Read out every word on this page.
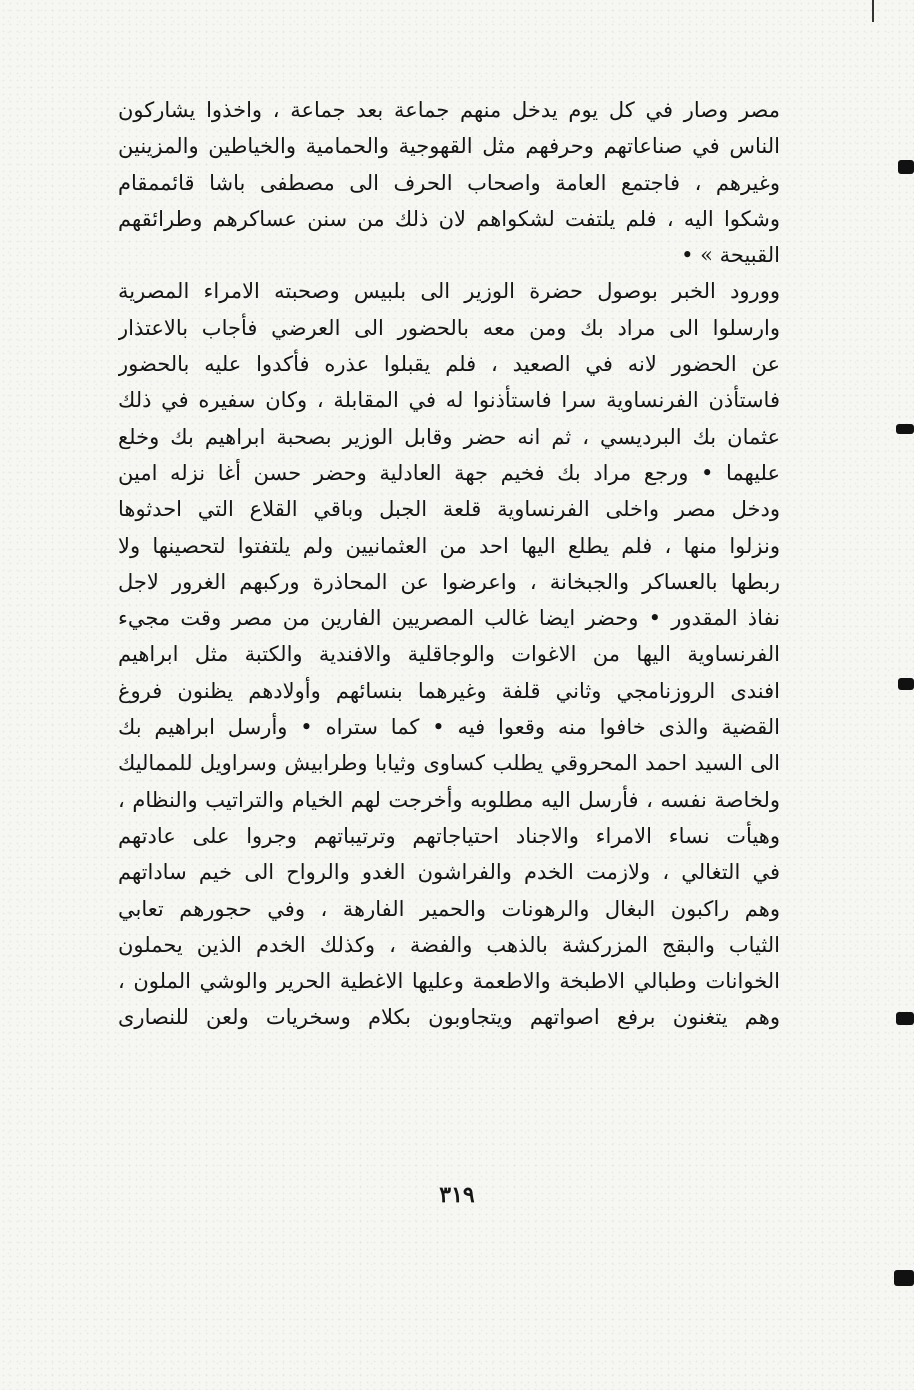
مصر وصار في كل يوم يدخل منهم جماعة بعد جماعة ، واخذوا يشاركون
الناس في صناعاتهم وحرفهم مثل القهوجية والحمامية والخياطين والمزينين
وغيرهم ، فاجتمع العامة واصحاب الحرف الى مصطفى باشا قائممقام
وشكوا اليه ، فلم يلتفت لشكواهم لان ذلك من سنن عساكرهم وطرائقهم
القبيحة » •
وورود الخبر بوصول حضرة الوزير الى بلبيس وصحبته الامراء المصرية
وارسلوا الى مراد بك ومن معه بالحضور الى العرضي فأجاب بالاعتذار
عن الحضور لانه في الصعيد ، فلم يقبلوا عذره فأكدوا عليه بالحضور
فاستأذن الفرنساوية سرا فاستأذنوا له في المقابلة ، وكان سفيره في ذلك
عثمان بك البرديسي ، ثم انه حضر وقابل الوزير بصحبة ابراهيم بك وخلع
عليهما • ورجع مراد بك فخيم جهة العادلية وحضر حسن أغا نزله امين
ودخل مصر واخلى الفرنساوية قلعة الجبل وباقي القلاع التي احدثوها
ونزلوا منها ، فلم يطلع اليها احد من العثمانيين ولم يلتفتوا لتحصينها ولا
ربطها بالعساكر والجبخانة ، واعرضوا عن المحاذرة وركبهم الغرور لاجل
نفاذ المقدور • وحضر ايضا غالب المصريين الفارين من مصر وقت مجيء
الفرنساوية اليها من الاغوات والوجاقلية والافندية والكتبة مثل ابراهيم
افندى الروزنامجي وثاني قلفة وغيرهما بنسائهم وأولادهم يظنون فروغ
القضية والذى خافوا منه وقعوا فيه • كما ستراه • وأرسل ابراهيم بك
الى السيد احمد المحروقي يطلب كساوى وثيابا وطرابيش وسراويل للمماليك
ولخاصة نفسه ، فأرسل اليه مطلوبه وأخرجت لهم الخيام والتراتيب والنظام ،
وهيأت نساء الامراء والاجناد احتياجاتهم وترتيباتهم وجروا على عادتهم
في التغالي ، ولازمت الخدم والفراشون الغدو والرواح الى خيم ساداتهم
وهم راكبون البغال والرهونات والحمير الفارهة ، وفي حجورهم تعابي
الثياب والبقج المزركشة بالذهب والفضة ، وكذلك الخدم الذين يحملون
الخوانات وطبالي الاطبخة والاطعمة وعليها الاغطية الحرير والوشي الملون ،
وهم يتغنون برفع اصواتهم ويتجاوبون بكلام وسخريات ولعن للنصارى
٣١٩
